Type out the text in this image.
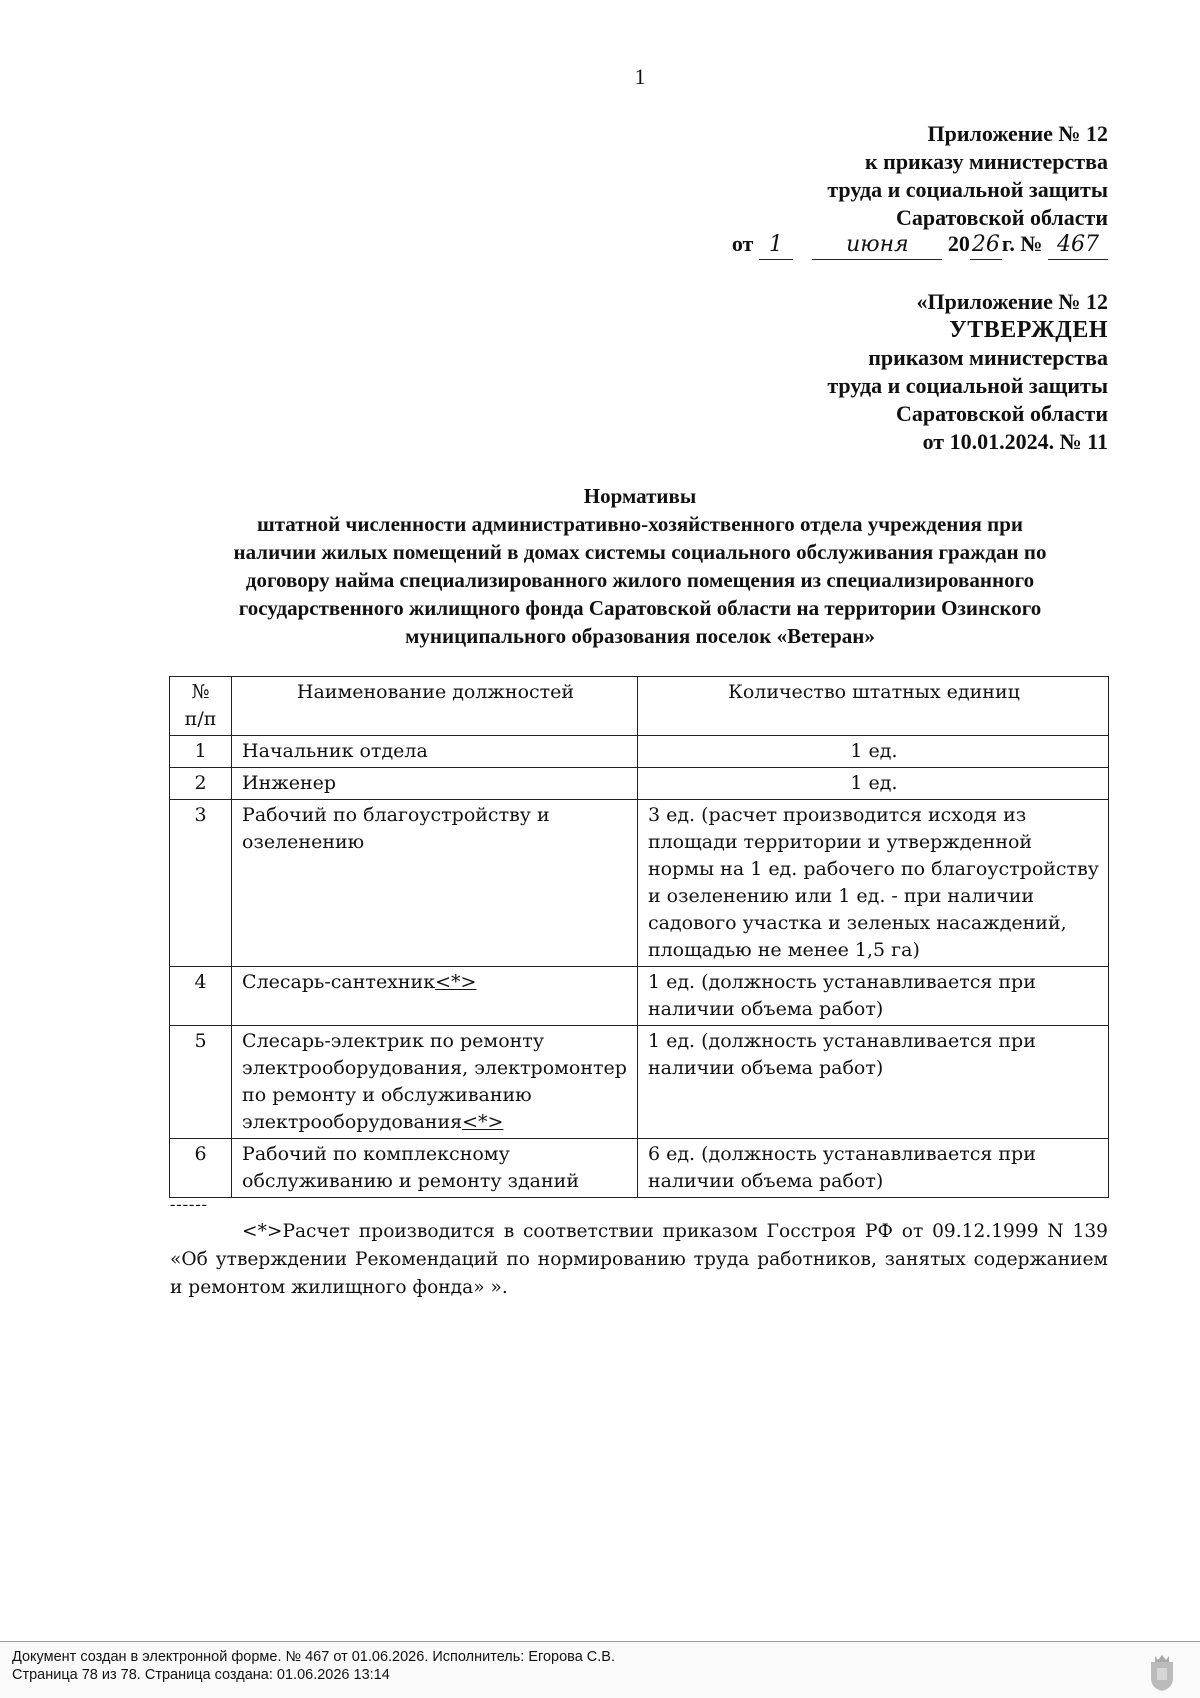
1
Приложение № 12
к приказу министерства
труда и социальной защиты
Саратовской области
от 1	июня 2026г. № 467
«Приложение № 12
УТВЕРЖДЕН
приказом министерства
труда и социальной защиты
Саратовской области
от 10.01.2024. № 11
Нормативы
штатной численности административно-хозяйственного отдела учреждения при
наличии жилых помещений в домах системы социального обслуживания граждан по
договору найма специализированного жилого помещения из специализированного
государственного жилищного фонда Саратовской области на территории Озинского
муниципального образования поселок «Ветеран»
№
п/п	Наименование должностей	Количество штатных единиц
1	Начальник отдела	1 ед.
2	Инженер	1 ед.
3	Рабочий по благоустройству и озеленению	3 ед. (расчет производится исходя из площади территории и утвержденной нормы на 1 ед. рабочего по благоустройству и озеленению или 1 ед. - при наличии садового участка и зеленых насаждений, площадью не менее 1,5 га)
4	Слесарь-сантехник<*>	1 ед. (должность устанавливается при наличии объема работ)
5	Слесарь-электрик по ремонту электрооборудования, электромонтер по ремонту и обслуживанию электрооборудования<*>	1 ед. (должность устанавливается при наличии объема работ)
6	Рабочий по комплексному обслуживанию и ремонту зданий	6 ед. (должность устанавливается при наличии объема работ)
------
<*>Расчет производится в соответствии приказом Госстроя РФ от 09.12.1999 N 139 «Об утверждении Рекомендаций по нормированию труда работников, занятых содержанием и ремонтом жилищного фонда» ».
Документ создан в электронной форме. № 467 от 01.06.2026. Исполнитель: Егорова С.В.
Страница 78 из 78. Страница создана: 01.06.2026 13:14
